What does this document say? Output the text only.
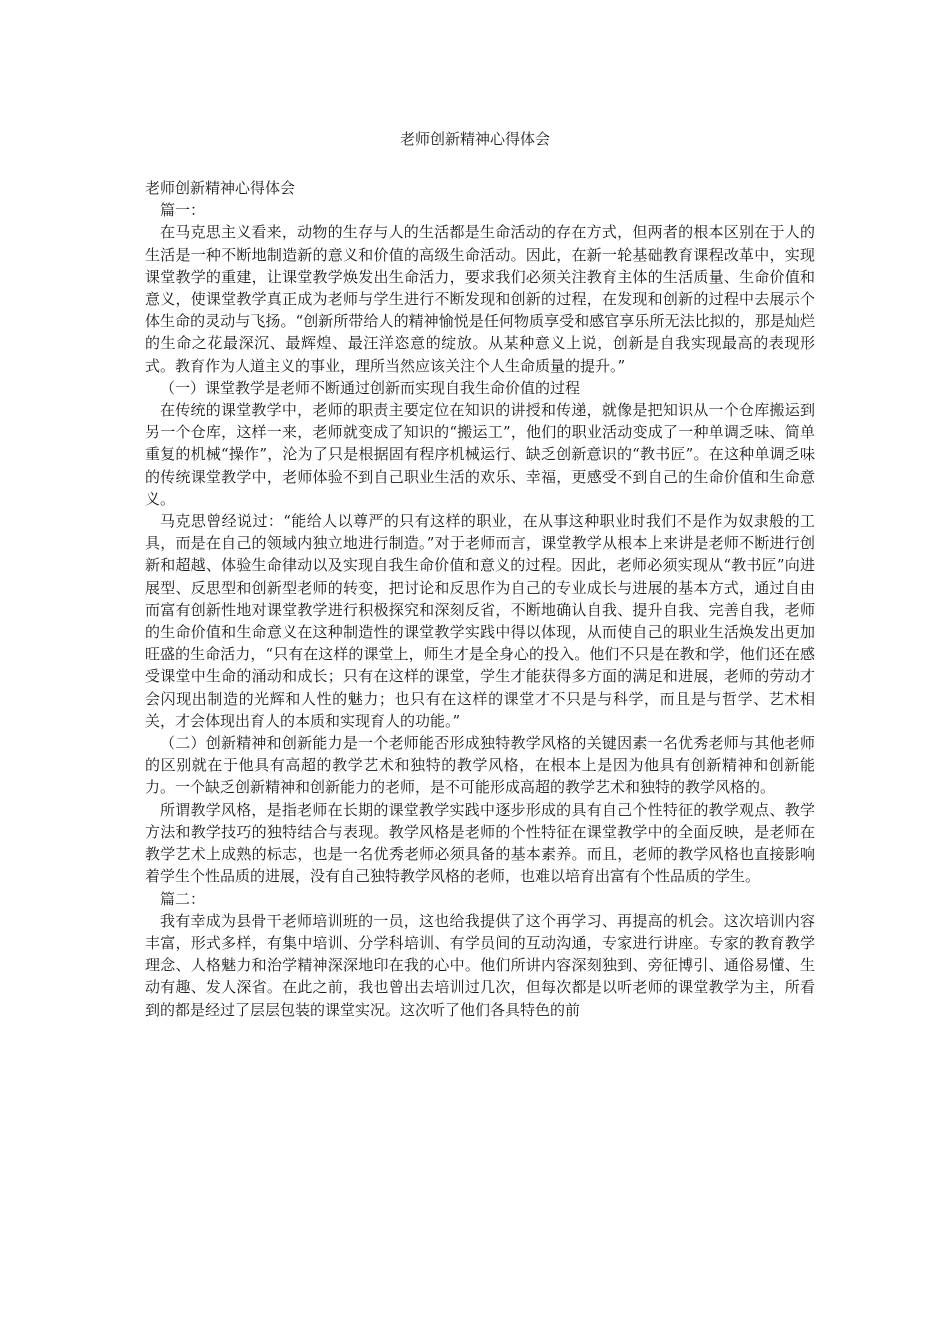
老师创新精神心得体会

老师创新精神心得体会

篇一：

在马克思主义看来，动物的生存与人的生活都是生命活动的存在方式，但两者的根本区别在于人的生活是一种不断地制造新的意义和价值的高级生命活动。因此，在新一轮基础教育课程改革中，实现课堂教学的重建，让课堂教学焕发出生命活力，要求我们必须关注教育主体的生活质量、生命价值和意义，使课堂教学真正成为老师与学生进行不断发现和创新的过程，在发现和创新的过程中去展示个体生命的灵动与飞扬。“创新所带给人的精神愉悦是任何物质享受和感官享乐所无法比拟的，那是灿烂的生命之花最深沉、最辉煌、最汪洋恣意的绽放。从某种意义上说，创新是自我实现最高的表现形式。教育作为人道主义的事业，理所当然应该关注个人生命质量的提升。”

（一）课堂教学是老师不断通过创新而实现自我生命价值的过程

在传统的课堂教学中，老师的职责主要定位在知识的讲授和传递，就像是把知识从一个仓库搬运到另一个仓库，这样一来，老师就变成了知识的“搬运工”，他们的职业活动变成了一种单调乏味、简单重复的机械“操作”，沦为了只是根据固有程序机械运行、缺乏创新意识的“教书匠”。在这种单调乏味的传统课堂教学中，老师体验不到自己职业生活的欢乐、幸福，更感受不到自己的生命价值和生命意义。

马克思曾经说过：“能给人以尊严的只有这样的职业，在从事这种职业时我们不是作为奴隶般的工具，而是在自己的领域内独立地进行制造。”对于老师而言，课堂教学从根本上来讲是老师不断进行创新和超越、体验生命律动以及实现自我生命价值和意义的过程。因此，老师必须实现从“教书匠”向进展型、反思型和创新型老师的转变，把讨论和反思作为自己的专业成长与进展的基本方式，通过自由而富有创新性地对课堂教学进行积极探究和深刻反省，不断地确认自我、提升自我、完善自我，老师的生命价值和生命意义在这种制造性的课堂教学实践中得以体现，从而使自己的职业生活焕发出更加旺盛的生命活力，“只有在这样的课堂上，师生才是全身心的投入。他们不只是在教和学，他们还在感受课堂中生命的涌动和成长；只有在这样的课堂，学生才能获得多方面的满足和进展，老师的劳动才会闪现出制造的光辉和人性的魅力；也只有在这样的课堂才不只是与科学，而且是与哲学、艺术相关，才会体现出育人的本质和实现育人的功能。”

（二）创新精神和创新能力是一个老师能否形成独特教学风格的关键因素一名优秀老师与其他老师的区别就在于他具有高超的教学艺术和独特的教学风格，在根本上是因为他具有创新精神和创新能力。一个缺乏创新精神和创新能力的老师，是不可能形成高超的教学艺术和独特的教学风格的。

所谓教学风格，是指老师在长期的课堂教学实践中逐步形成的具有自己个性特征的教学观点、教学方法和教学技巧的独特结合与表现。教学风格是老师的个性特征在课堂教学中的全面反映，是老师在教学艺术上成熟的标志，也是一名优秀老师必须具备的基本素养。而且，老师的教学风格也直接影响着学生个性品质的进展，没有自己独特教学风格的老师，也难以培育出富有个性品质的学生。

篇二：

我有幸成为县骨干老师培训班的一员，这也给我提供了这个再学习、再提高的机会。这次培训内容丰富，形式多样，有集中培训、分学科培训、有学员间的互动沟通，专家进行讲座。专家的教育教学理念、人格魅力和治学精神深深地印在我的心中。他们所讲内容深刻独到、旁征博引、通俗易懂、生动有趣、发人深省。在此之前，我也曾出去培训过几次，但每次都是以听老师的课堂教学为主，所看到的都是经过了层层包装的课堂实况。这次听了他们各具特色的前
